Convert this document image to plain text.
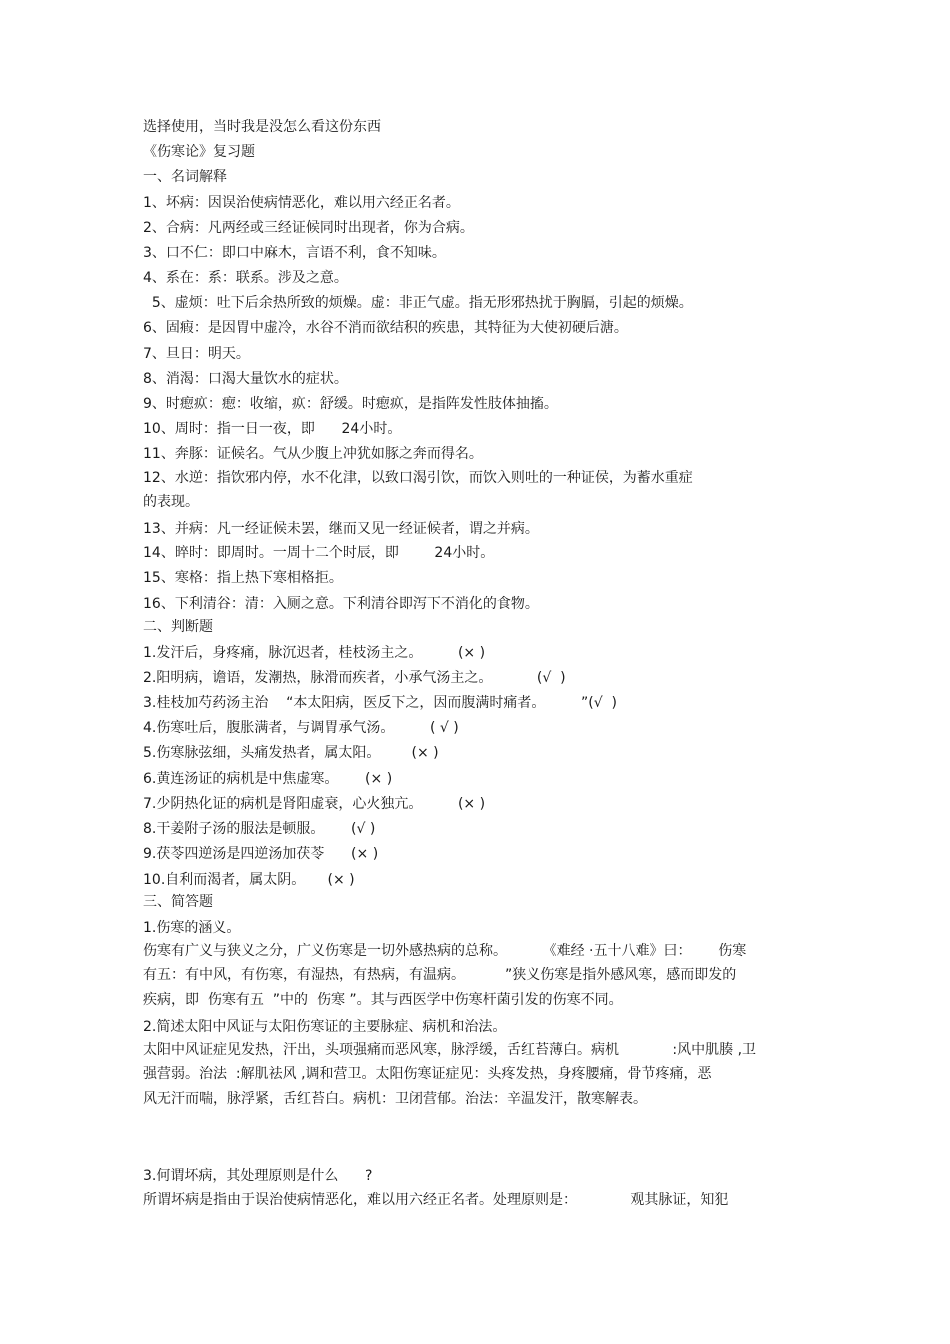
选择使用，当时我是没怎么看这份东西
《伤寒论》复习题
一、名词解释
1、坏病：因误治使病情恶化，难以用六经正名者。
2、合病：凡两经或三经证候同时出现者，你为合病。
3、口不仁：即口中麻木，言语不利，食不知味。
4、系在：系：联系。涉及之意。
5、虚烦：吐下后余热所致的烦燥。虚：非正气虚。指无形邪热扰于胸膈，引起的烦燥。
6、固瘕：是因胃中虚冷，水谷不消而欲结积的疾患，其特征为大使初硬后溏。
7、旦日：明天。
8、消渴：口渴大量饮水的症状。
9、时瘛疭：瘛：收缩，疭：舒缓。时瘛疭，是指阵发性肢体抽搐。
10、周时：指一日一夜，即      24小时。
11、奔豚：证候名。气从少腹上冲犹如豚之奔而得名。
12、水逆：指饮邪内停，水不化津，以致口渴引饮，而饮入则吐的一种证侯，为蓄水重症
的表现。
13、并病：凡一经证候未罢，继而又见一经证候者，谓之并病。
14、晬时：即周时。一周十二个时辰，即        24小时。
15、寒格：指上热下寒相格拒。
16、下利清谷：清：入厕之意。下利清谷即泻下不消化的食物。
二、判断题
1.发汗后，身疼痛，脉沉迟者，桂枝汤主之。        (× )
2.阳明病，谵语，发潮热，脉滑而疾者，小承气汤主之。          (√  )
3.桂枝加芍药汤主治    “本太阳病，医反下之，因而腹满时痛者。        ”(√  )
4.伤寒吐后，腹胀满者，与调胃承气汤。        ( √ )
5.伤寒脉弦细，头痛发热者，属太阳。       (× )
6.黄连汤证的病机是中焦虚寒。      (× )
7.少阴热化证的病机是肾阳虚衰，心火独亢。        (× )
8.干姜附子汤的服法是顿服。      (√ )
9.茯苓四逆汤是四逆汤加茯苓      (× )
10.自利而渴者，属太阴。     (× )
三、简答题
1.伤寒的涵义。
伤寒有广义与狭义之分，广义伤寒是一切外感热病的总称。        《难经 ·五十八难》曰：      伤寒
有五：有中风，有伤寒，有湿热，有热病，有温病。         ”狭义伤寒是指外感风寒，感而即发的
疾病，即  伤寒有五  ”中的  伤寒 ”。其与西医学中伤寒杆菌引发的伤寒不同。
2.简述太阳中风证与太阳伤寒证的主要脉症、病机和治法。
太阳中风证症见发热，汗出，头项强痛而恶风寒，脉浮缓，舌红苔薄白。病机            :风中肌腠 ,卫
强营弱。治法  :解肌祛风 ,调和营卫。太阳伤寒证症见：头疼发热，身疼腰痛，骨节疼痛，恶
风无汗而喘，脉浮紧，舌红苔白。病机：卫闭营郁。治法：辛温发汗，散寒解表。
3.何谓坏病，其处理原则是什么      ?
所谓坏病是指由于误治使病情恶化，难以用六经正名者。处理原则是：            观其脉证，知犯
